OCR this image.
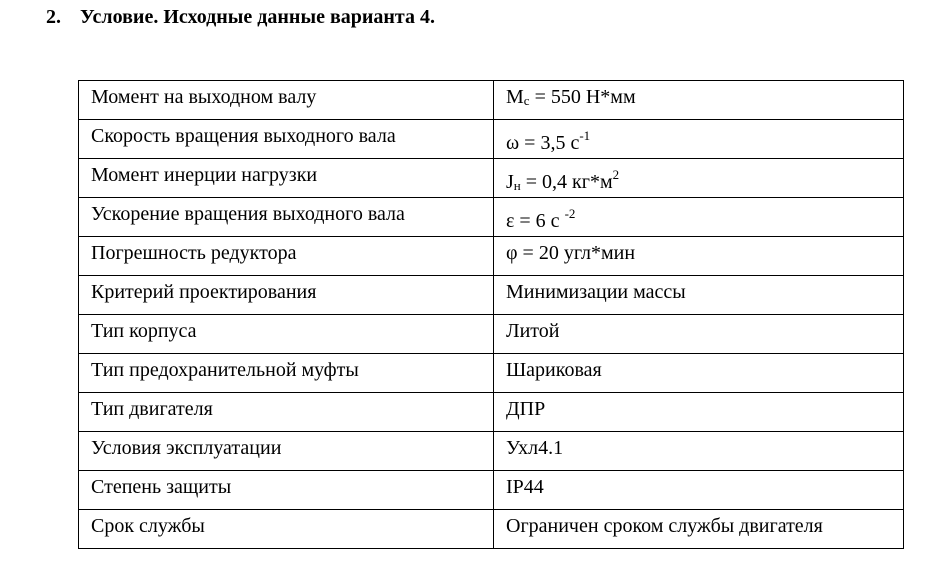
2. Условие. Исходные данные варианта 4.
Момент на выходном валу	Mc = 550 Н*мм
Скорость вращения выходного вала	ω = 3,5 $с^{-1}$
Момент инерции нагрузки	Jн = 0,4 $кг*м^2$
Ускорение вращения выходного вала	ε = 6 с $^{-2}$
Погрешность редуктора	φ = 20 угл*мин
Критерий проектирования	Минимизации массы
Тип корпуса	Литой
Тип предохранительной муфты	Шариковая
Тип двигателя	ДПР
Условия эксплуатации	Ухл4.1
Степень защиты	IP44
Срок службы	Ограничен сроком службы двигателя
